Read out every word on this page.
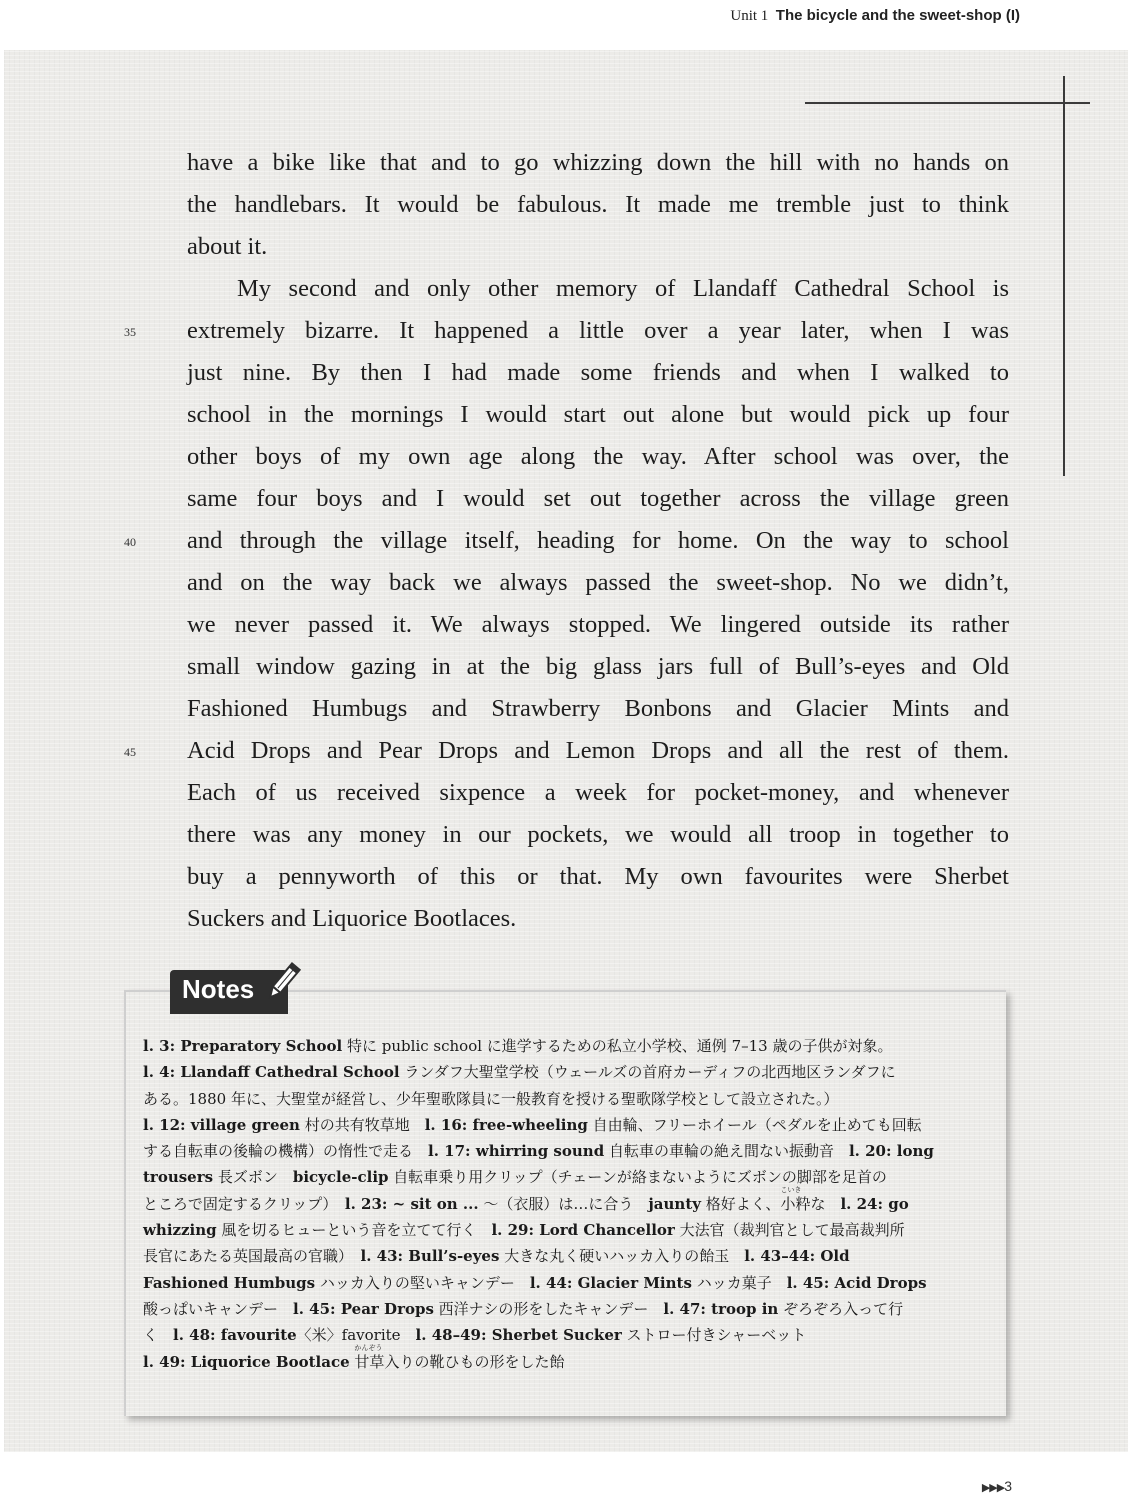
Unit 1 The bicycle and the sweet-shop (I)
have a bike like that and to go whizzing down the hill with no hands on
the handlebars. It would be fabulous. It made me tremble just to think
about it.
My second and only other memory of Llandaff Cathedral School is
extremely bizarre. It happened a little over a year later, when I was
just nine. By then I had made some friends and when I walked to
school in the mornings I would start out alone but would pick up four
other boys of my own age along the way. After school was over, the
same four boys and I would set out together across the village green
and through the village itself, heading for home. On the way to school
and on the way back we always passed the sweet-shop. No we didn’t,
we never passed it. We always stopped. We lingered outside its rather
small window gazing in at the big glass jars full of Bull’s-eyes and Old
Fashioned Humbugs and Strawberry Bonbons and Glacier Mints and
Acid Drops and Pear Drops and Lemon Drops and all the rest of them.
Each of us received sixpence a week for pocket-money, and whenever
there was any money in our pockets, we would all troop in together to
buy a pennyworth of this or that. My own favourites were Sherbet
Suckers and Liquorice Bootlaces.
35
40
45
Notes
l. 3: Preparatory School 特に public school に進学するための私立小学校、通例 7–13 歳の子供が対象。
l. 4: Llandaff Cathedral School ランダフ大聖堂学校（ウェールズの首府カーディフの北西地区ランダフに
ある。1880 年に、大聖堂が経営し、少年聖歌隊員に一般教育を授ける聖歌隊学校として設立された。）
l. 12: village green 村の共有牧草地　l. 16: free-wheeling 自由輪、フリーホイール（ペダルを止めても回転
する自転車の後輪の機構）の惰性で走る　l. 17: whirring sound 自転車の車輪の絶え間ない振動音　l. 20: long
trousers 長ズボン　bicycle-clip 自転車乗り用クリップ（チェーンが絡まないようにズボンの脚部を足首の
ところで固定するクリップ）　l. 23: ~ sit on ... ～（衣服）は…に合う　jaunty 格好よく、
こいき
小粋な　l. 24: go
whizzing 風を切るヒューという音を立てて行く　l. 29: Lord Chancellor 大法官（裁判官として最高裁判所
長官にあたる英国最高の官職）　l. 43: Bull’s-eyes 大きな丸く硬いハッカ入りの飴玉　l. 43–44: Old
Fashioned Humbugs ハッカ入りの堅いキャンデー　l. 44: Glacier Mints ハッカ菓子　l. 45: Acid Drops
酸っぱいキャンデー　l. 45: Pear Drops 西洋ナシの形をしたキャンデー　l. 47: troop in ぞろぞろ入って行
く　l. 48: favourite〈米〉favorite　l. 48–49: Sherbet Sucker ストロー付きシャーベット
l. 49: Liquorice Bootlace
かんぞう
甘草入りの靴ひもの形をした飴
▶▶▶3
